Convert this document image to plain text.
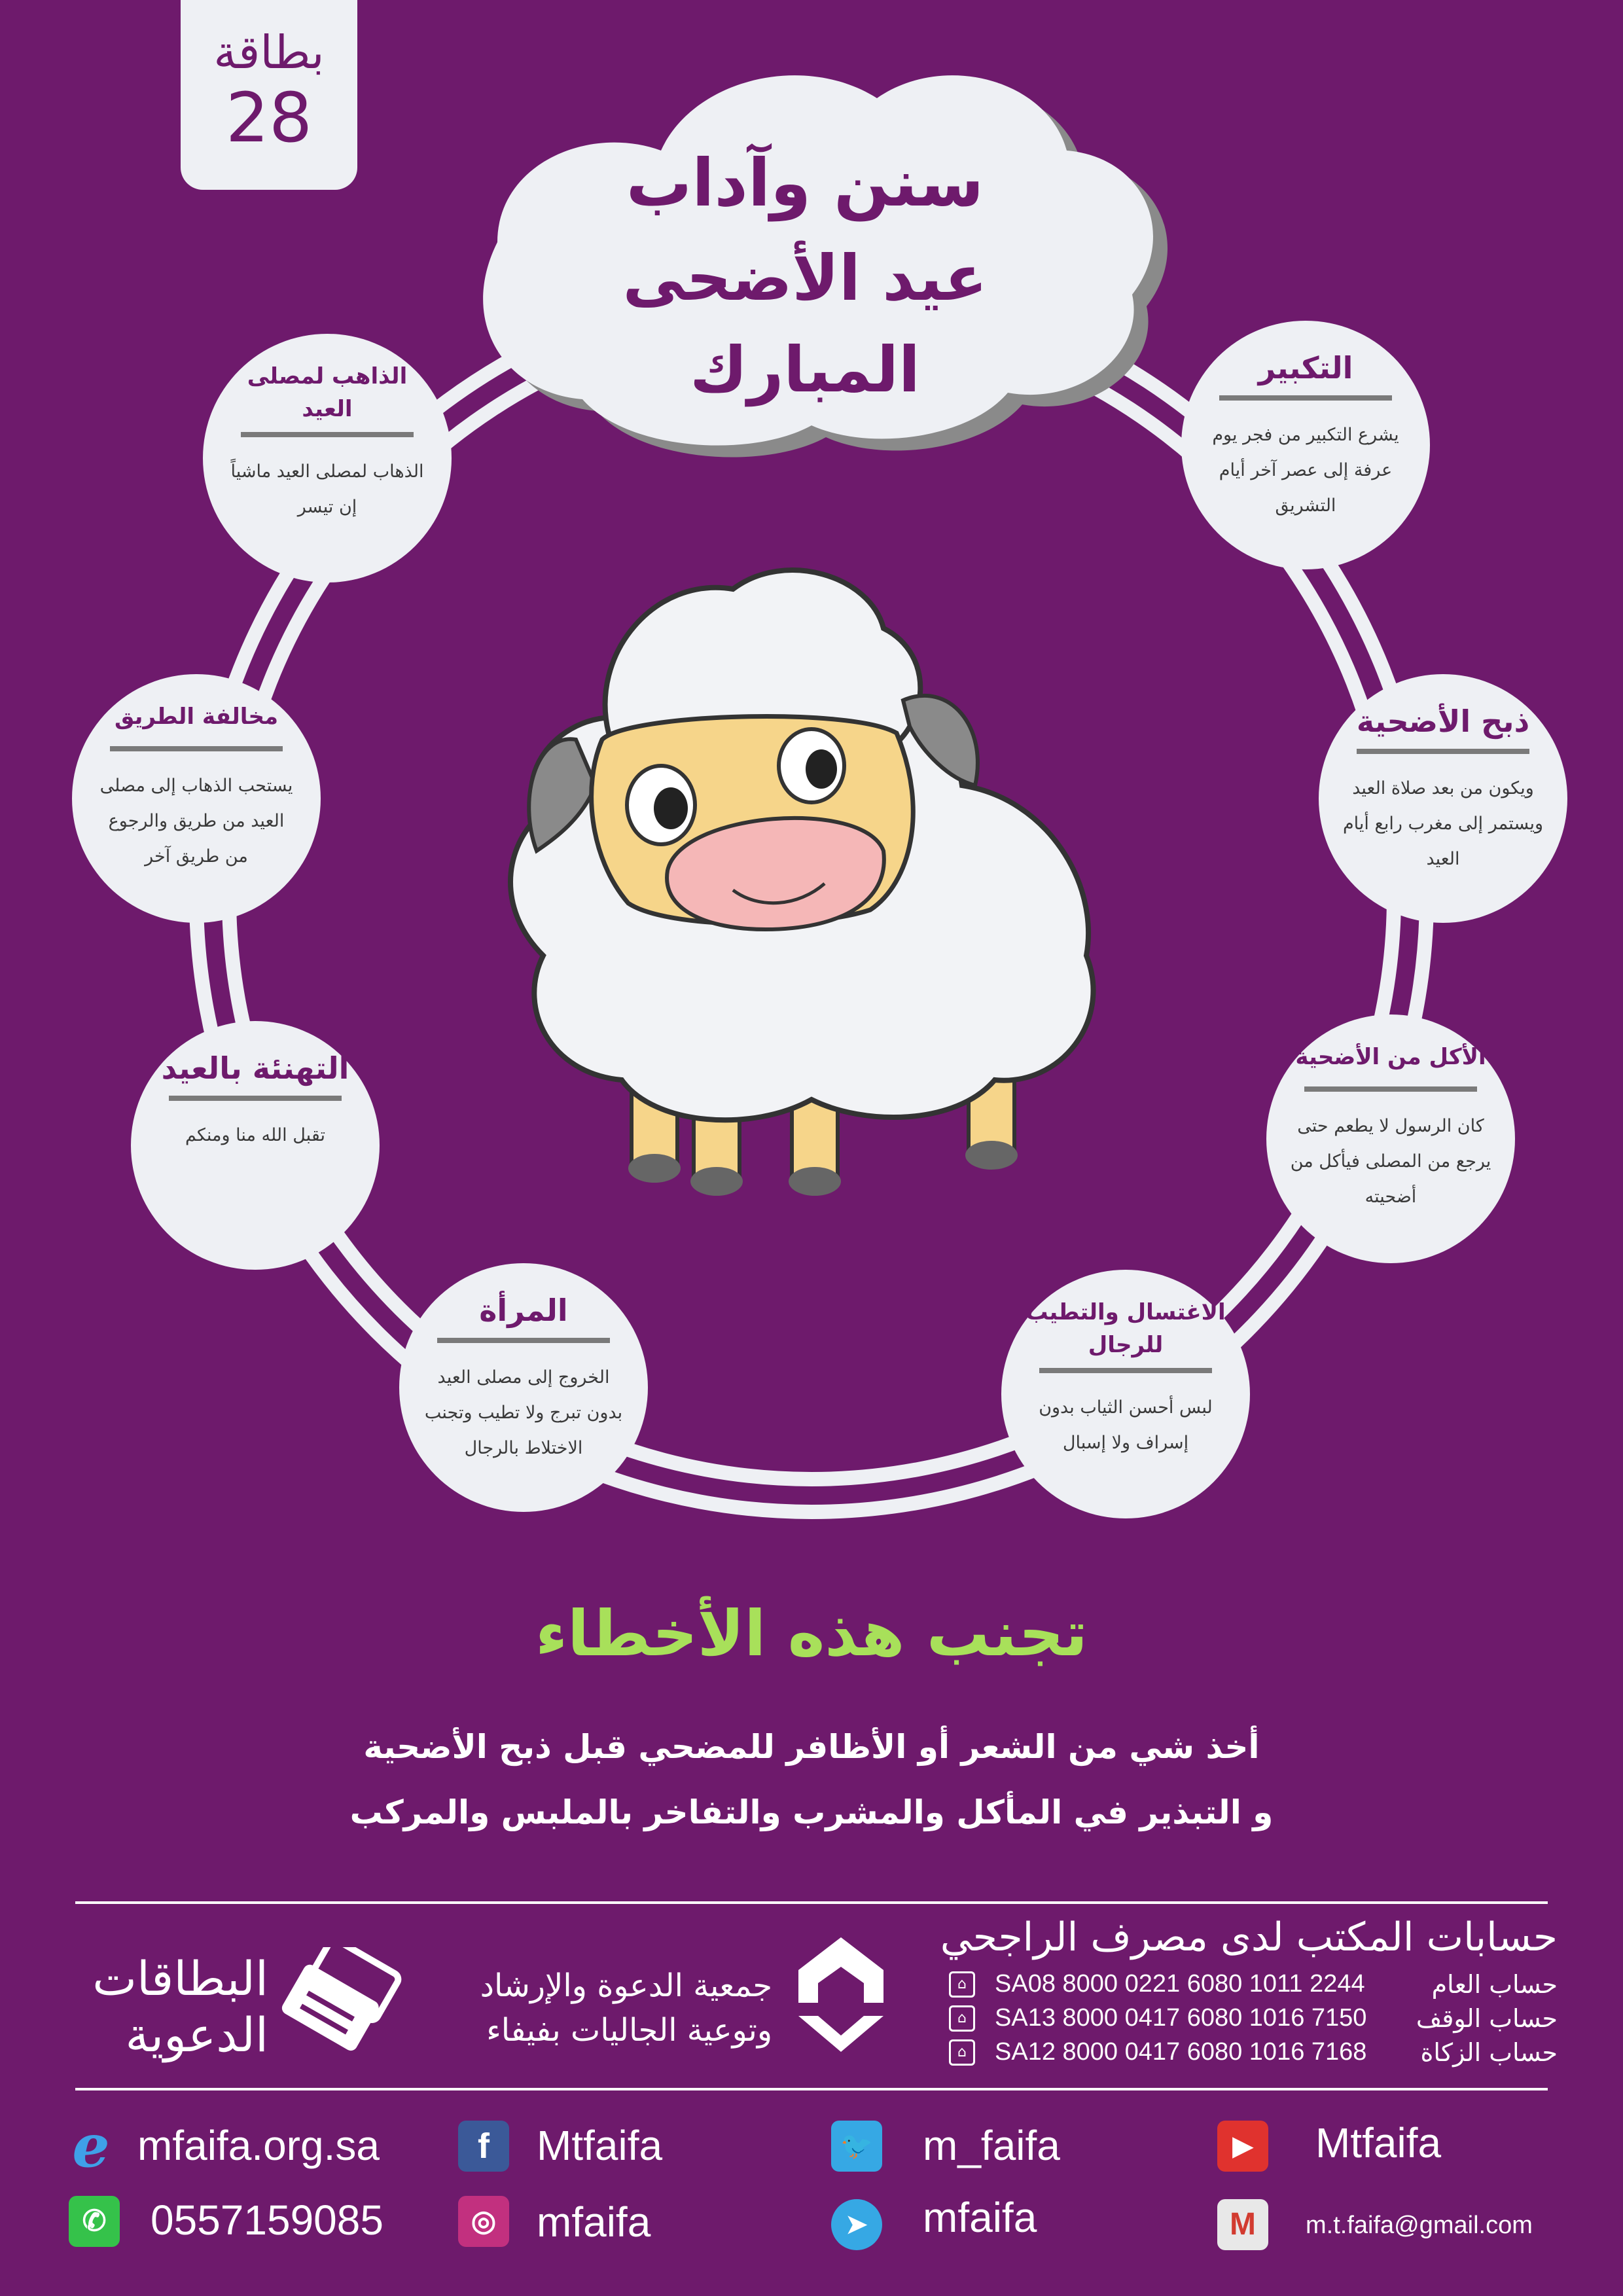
بطاقة
28
سنن وآداب
عيد الأضحى المبارك	التكبير
يشرع التكبير من فجر يوم عرفة إلى عصر آخر أيام التشريق
ذبح الأضحية
ويكون من بعد صلاة العيد ويستمر إلى مغرب رابع أيام العيد
الأكل من الأضحية
كان الرسول لا يطعم حتى يرجع من المصلى فيأكل من أضحيته
الاغتسال والتطيب للرجال
لبس أحسن الثياب بدون إسراف ولا إسبال
المرأة
الخروج إلى مصلى العيد بدون تبرج ولا تطيب وتجنب الاختلاط بالرجال
التهنئة بالعيد
تقبل الله منا ومنكم
مخالفة الطريق
يستحب الذهاب إلى مصلى العيد من طريق والرجوع من طريق آخر
الذاهب لمصلى العيد
الذهاب لمصلى العيد ماشياً إن تيسر
تجنب هذه الأخطاء
أخذ شي من الشعر أو الأظافر للمضحي قبل ذبح الأضحية
و التبذير في المأكل والمشرب والتفاخر بالملبس والمركب
حسابات المكتب لدى مصرف الراجحي
⌂	SA08 8000 0221 6080 1011 2244	حساب العام
⌂	SA13 8000 0417 6080 1016 7150 حساب الوقف
⌂	SA12 8000 0417 6080 1016 7168 حساب الزكاة
جمعية الدعوة والإرشاد
وتوعية الجاليات بفيفاء
البطاقات
الدعوية
e mfaifa.org.sa	f	Mtfaifa	🐦 m_faifa	▶	Mtfaifa
✆	0557159085	◎ mfaifa	➤	mfaifa	M	m.t.faifa@gmail.com
